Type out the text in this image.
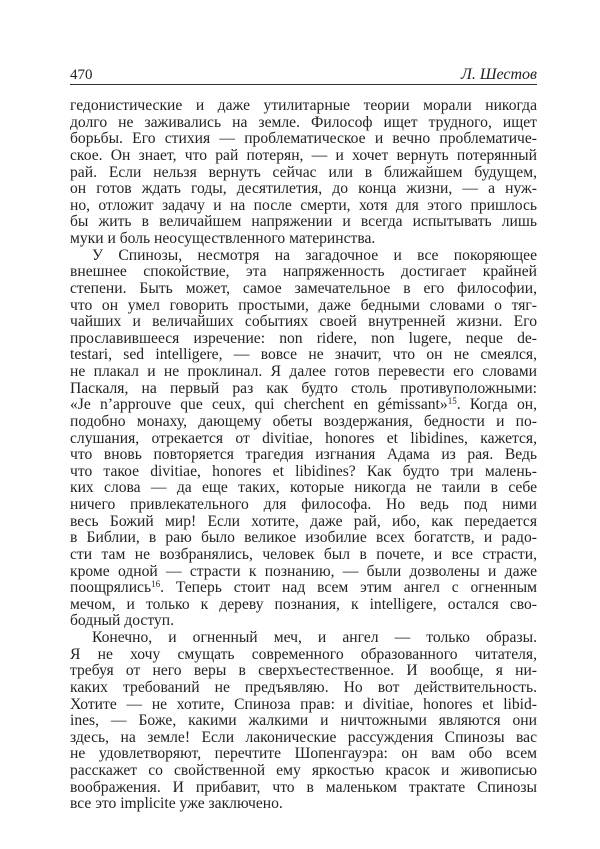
470	Л. Шестов
гедонистические и даже утилитарные теории морали никогда
долго не заживались на земле. Философ ищет трудного, ищет
борьбы. Его стихия — проблематическое и вечно проблематиче-
ское. Он знает, что рай потерян, — и хочет вернуть потерянный
рай. Если нельзя вернуть сейчас или в ближайшем будущем,
он готов ждать годы, десятилетия, до конца жизни, — а нуж-
но, отложит задачу и на после смерти, хотя для этого пришлось
бы жить в величайшем напряжении и всегда испытывать лишь
муки и боль неосуществленного материнства.
У Спинозы, несмотря на загадочное и все покоряющее
внешнее спокойствие, эта напряженность достигает крайней
степени. Быть может, самое замечательное в его философии,
что он умел говорить простыми, даже бедными словами о тяг-
чайших и величайших событиях своей внутренней жизни. Его
прославившееся изречение: non ridere, non lugere, neque de-
testari, sed intelligere, — вовсе не значит, что он не смеялся,
не плакал и не проклинал. Я далее готов перевести его словами
Паскаля, на первый раз как будто столь противуположными:
«Je n’approuve que ceux, qui cherchent en gémissant»$^{15}$. Когда он,
подобно монаху, дающему обеты воздержания, бедности и по-
слушания, отрекается от divitiae, honores et libidines, кажется,
что вновь повторяется трагедия изгнания Адама из рая. Ведь
что такое divitiae, honores et libidines? Как будто три малень-
ких слова — да еще таких, которые никогда не таили в себе
ничего привлекательного для философа. Но ведь под ними
весь Божий мир! Если хотите, даже рай, ибо, как передается
в Библии, в раю было великое изобилие всех богатств, и радо-
сти там не возбранялись, человек был в почете, и все страсти,
кроме одной — страсти к познанию, — были дозволены и даже
поощрялись$^{16}$. Теперь стоит над всем этим ангел с огненным
мечом, и только к дереву познания, к intelligere, остался сво-
бодный доступ.
Конечно, и огненный меч, и ангел — только образы.
Я не хочу смущать современного образованного читателя,
требуя от него веры в сверхъестественное. И вообще, я ни-
каких требований не предъявляю. Но вот действительность.
Хотите — не хотите, Спиноза прав: и divitiae, honores et libid-
ines, — Боже, какими жалкими и ничтожными являются они
здесь, на земле! Если лаконические рассуждения Спинозы вас
не удовлетворяют, перечтите Шопенгауэра: он вам обо всем
расскажет со свойственной ему яркостью красок и живописью
воображения. И прибавит, что в маленьком трактате Спинозы
все это implicite уже заключено.
